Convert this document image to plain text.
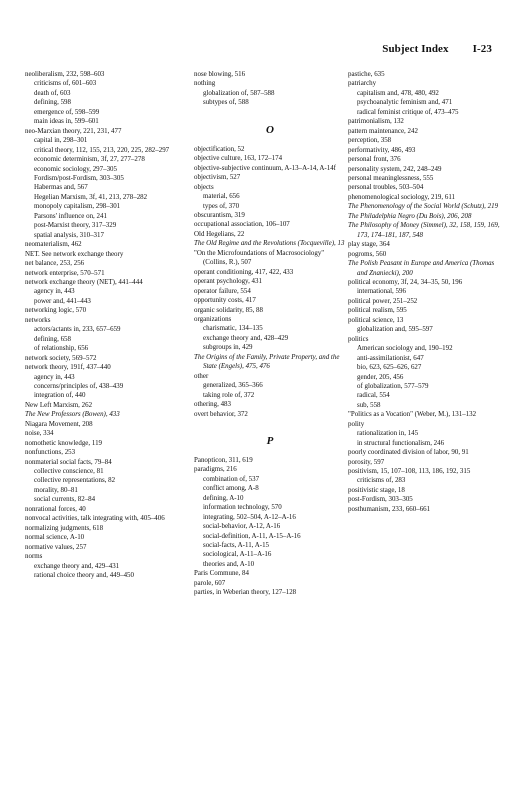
Subject Index I-23
neoliberalism, 232, 598–603
criticisms of, 601–603
death of, 603
defining, 598
emergence of, 598–599
main ideas in, 599–601
neo-Marxian theory, 221, 231, 477
capital in, 298–301
critical theory, 112, 155, 213, 220, 225, 282–297
economic determinism, 3f, 27, 277–278
economic sociology, 297–305
Fordism/post-Fordism, 303–305
Habermas and, 567
Hegelian Marxism, 3f, 41, 213, 278–282
monopoly capitalism, 298–301
Parsons' influence on, 241
post-Marxist theory, 317–329
spatial analysis, 310–317
neomaterialism, 462
NET. See network exchange theory
net balance, 253, 256
network enterprise, 570–571
network exchange theory (NET), 441–444
agency in, 443
power and, 441–443
networking logic, 570
networks
actors/actants in, 233, 657–659
defining, 658
of relationship, 656
network society, 569–572
network theory, 191f, 437–440
agency in, 443
concerns/principles of, 438–439
integration of, 440
New Left Marxism, 262
The New Professors (Bowen), 433
Niagara Movement, 208
noise, 334
nomothetic knowledge, 119
nonfunctions, 253
nonmaterial social facts, 79–84
collective conscience, 81
collective representations, 82
morality, 80–81
social currents, 82–84
nonrational forces, 40
nonvocal activities, talk integrating with, 405–406
normalizing judgments, 618
normal science, A-10
normative values, 257
norms
exchange theory and, 429–431
rational choice theory and, 449–450
nose blowing, 516
nothing
globalization of, 587–588
subtypes of, 588
O
objectification, 52
objective culture, 163, 172–174
objective-subjective continuum, A-13–A-14, A-14f
objectivism, 527
objects
material, 656
types of, 370
obscurantism, 319
occupational association, 106–107
Old Hegelians, 22
The Old Regime and the Revolutions (Tocqueville), 13
"On the Microfoundations of Macrosociology" (Collins, R.), 507
operant conditioning, 417, 422, 433
operant psychology, 431
operator failure, 554
opportunity costs, 417
organic solidarity, 85, 88
organizations
charismatic, 134–135
exchange theory and, 428–429
subgroups in, 429
The Origins of the Family, Private Property, and the State (Engels), 475, 476
other
generalized, 365–366
taking role of, 372
othering, 483
overt behavior, 372
P
Panopticon, 311, 619
paradigms, 216
combination of, 537
conflict among, A-8
defining, A-10
information technology, 570
integrating, 502–504, A-12–A-16
social-behavior, A-12, A-16
social-definition, A-11, A-15–A-16
social-facts, A-11, A-15
sociological, A-11–A-16
theories and, A-10
Paris Commune, 84
parole, 607
parties, in Weberian theory, 127–128
pastiche, 635
patriarchy
capitalism and, 478, 480, 492
psychoanalytic feminism and, 471
radical feminist critique of, 473–475
patrimonialism, 132
pattern maintenance, 242
perception, 358
performativity, 486, 493
personal front, 376
personality system, 242, 248–249
personal meaninglessness, 555
personal troubles, 503–504
phenomenological sociology, 219, 611
The Phenomenology of the Social World (Schutz), 219
The Philadelphia Negro (Du Bois), 206, 208
The Philosophy of Money (Simmel), 32, 158, 159, 169, 173, 174–181, 187, 548
play stage, 364
pogroms, 560
The Polish Peasant in Europe and America (Thomas and Znaniecki), 200
political economy, 3f, 24, 34–35, 50, 196
international, 596
political power, 251–252
political realism, 595
political science, 13
globalization and, 595–597
politics
American sociology and, 190–192
anti-assimilationist, 647
bio, 623, 625–626, 627
gender, 205, 456
of globalization, 577–579
radical, 554
sub, 558
"Politics as a Vocation" (Weber, M.), 131–132
polity
rationalization in, 145
in structural functionalism, 246
poorly coordinated division of labor, 90, 91
porosity, 597
positivism, 15, 107–108, 113, 186, 192, 315
criticisms of, 283
positivistic stage, 18
post-Fordism, 303–305
posthumanism, 233, 660–661
